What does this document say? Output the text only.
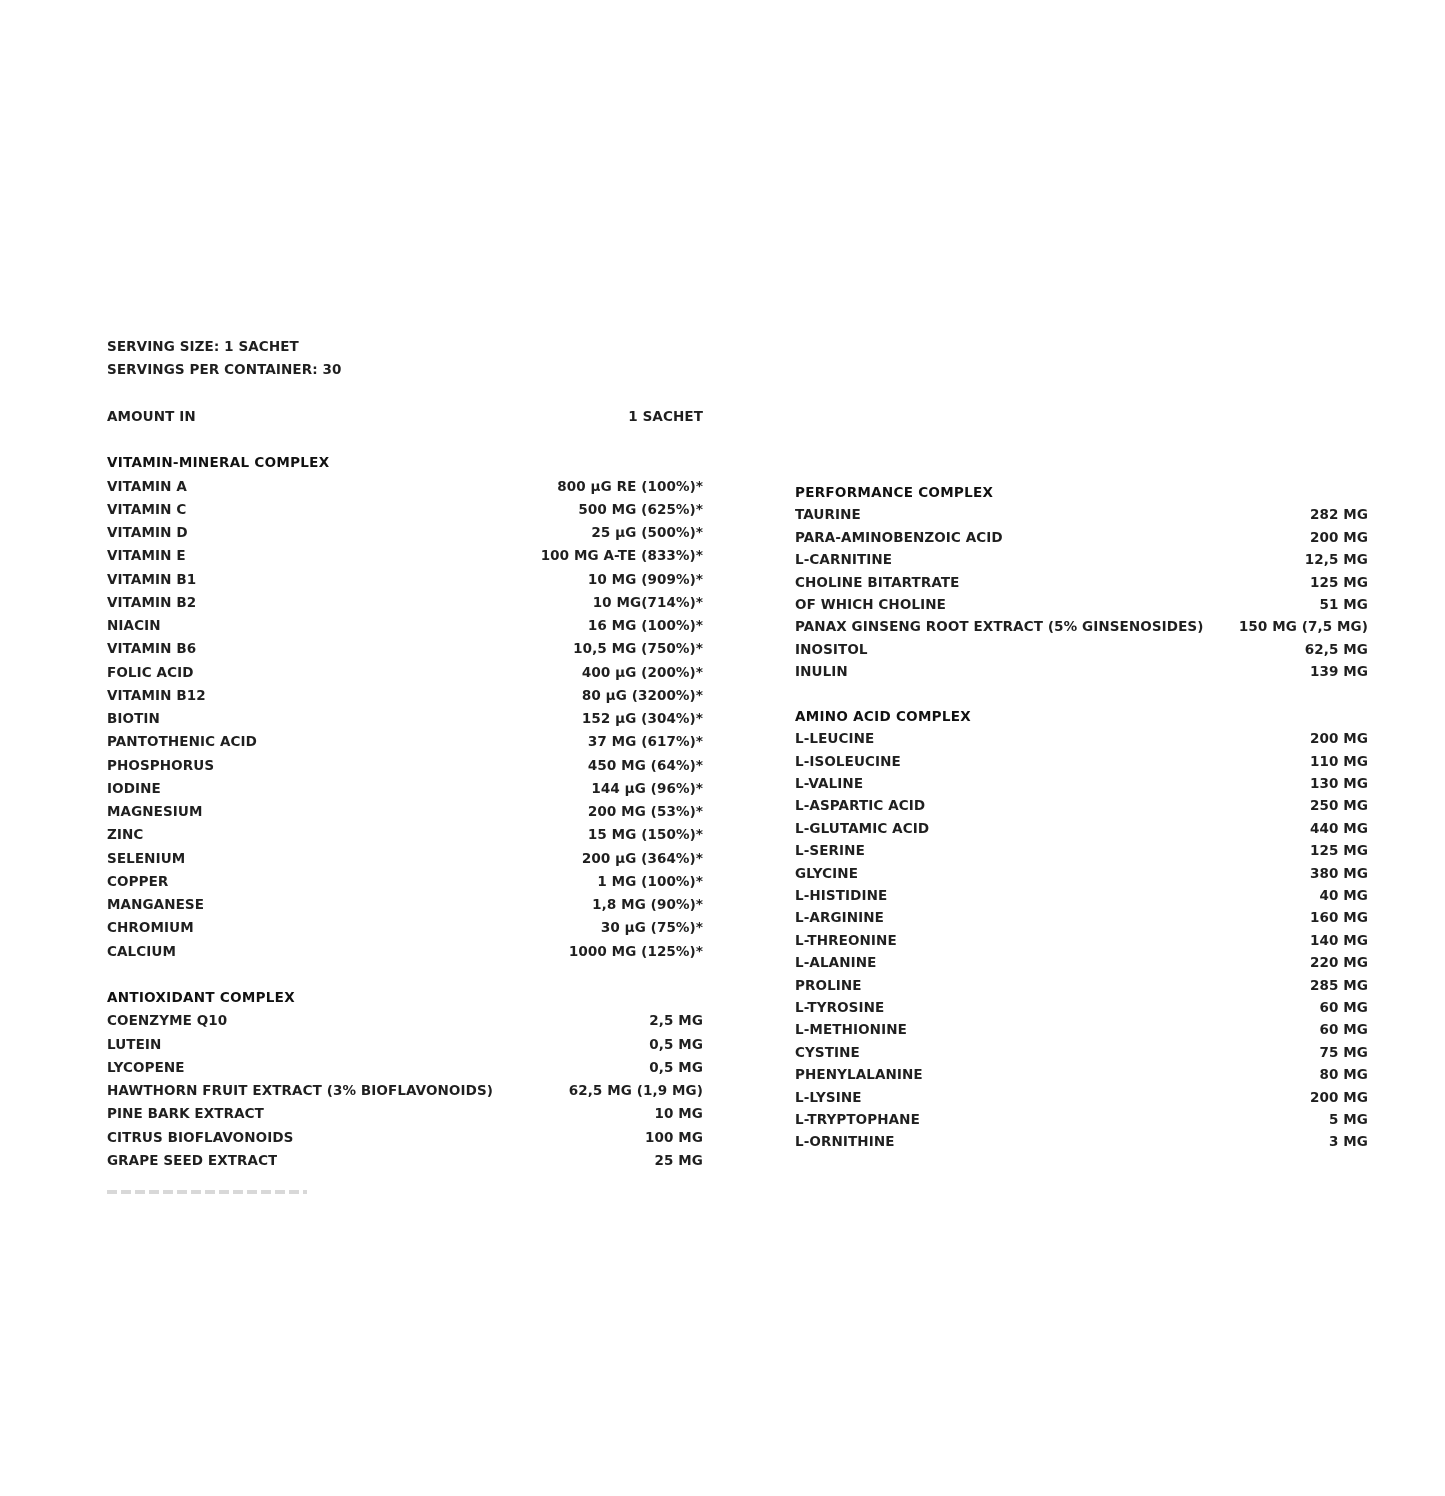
SERVING SIZE: 1 SACHET
SERVINGS PER CONTAINER: 30
AMOUNT IN	1 SACHET
VITAMIN-MINERAL COMPLEX
VITAMIN A	800 µG RE (100%)*
VITAMIN C	500 MG (625%)*
VITAMIN D	25 µG (500%)*
VITAMIN E	100 MG A-TE (833%)*
VITAMIN B1	10 MG (909%)*
VITAMIN B2	10 MG(714%)*
NIACIN	16 MG (100%)*
VITAMIN B6	10,5 MG (750%)*
FOLIC ACID	400 µG (200%)*
VITAMIN B12	80 µG (3200%)*
BIOTIN	152 µG (304%)*
PANTOTHENIC ACID	37 MG (617%)*
PHOSPHORUS	450 MG (64%)*
IODINE	144 µG (96%)*
MAGNESIUM	200 MG (53%)*
ZINC	15 MG (150%)*
SELENIUM	200 µG (364%)*
COPPER	1 MG (100%)*
MANGANESE	1,8 MG (90%)*
CHROMIUM	30 µG (75%)*
CALCIUM	1000 MG (125%)*
ANTIOXIDANT COMPLEX
COENZYME Q10	2,5 MG
LUTEIN	0,5 MG
LYCOPENE	0,5 MG
HAWTHORN FRUIT EXTRACT (3% BIOFLAVONOIDS)	62,5 MG (1,9 MG)
PINE BARK EXTRACT	10 MG
CITRUS BIOFLAVONOIDS	100 MG
GRAPE SEED EXTRACT	25 MG
PERFORMANCE COMPLEX
TAURINE	282 MG
PARA-AMINOBENZOIC ACID	200 MG
L-CARNITINE	12,5 MG
CHOLINE BITARTRATE	125 MG
OF WHICH CHOLINE	51 MG
PANAX GINSENG ROOT EXTRACT (5% GINSENOSIDES)	150 MG (7,5 MG)
INOSITOL	62,5 MG
INULIN	139 MG
AMINO ACID COMPLEX
L-LEUCINE	200 MG
L-ISOLEUCINE	110 MG
L-VALINE	130 MG
L-ASPARTIC ACID	250 MG
L-GLUTAMIC ACID	440 MG
L-SERINE	125 MG
GLYCINE	380 MG
L-HISTIDINE	40 MG
L-ARGININE	160 MG
L-THREONINE	140 MG
L-ALANINE	220 MG
PROLINE	285 MG
L-TYROSINE	60 MG
L-METHIONINE	60 MG
CYSTINE	75 MG
PHENYLALANINE	80 MG
L-LYSINE	200 MG
L-TRYPTOPHANE	5 MG
L-ORNITHINE	3 MG
